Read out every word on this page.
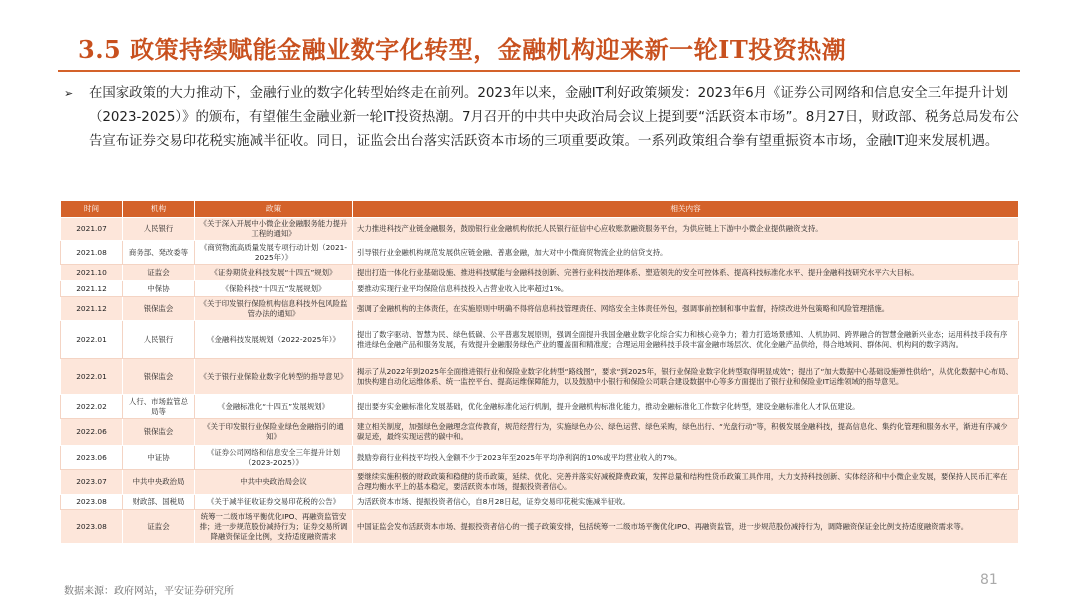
3.5 政策持续赋能金融业数字化转型，金融机构迎来新一轮IT投资热潮
➢ 在国家政策的大力推动下，金融行业的数字化转型始终走在前列。2023年以来，金融IT利好政策频发：2023年6月《证券公司网络和信息安全三年提升计划（2023-2025）》的颁布，有望催生金融业新一轮IT投资热潮。7月召开的中共中央政治局会议上提到要“活跃资本市场”。8月27日，财政部、税务总局发布公告宣布证券交易印花税实施减半征收。同日，证监会出台落实活跃资本市场的三项重要政策。一系列政策组合拳有望重振资本市场，金融IT迎来发展机遇。
时间	机构	政策	相关内容
2021.07	人民银行	《关于深入开展中小微企业金融服务能力提升工程的通知》	大力推进科技产业链金融服务，鼓励银行业金融机构依托人民银行征信中心应收账款融资服务平台，为供应链上下游中小微企业提供融资支持。
2021.08	商务部、発改委等	《商贸物流高质量发展专项行动计划（2021-2025年）》	引导银行业金融机构规范发展供应链金融、普惠金融，加大对中小微商贸物流企业的信贷支持。
2021.10	证监会	《证券期货业科技发展“十四五”规划》	提出打造一体化行业基础设施、推进科技赋能与金融科技创新、完善行业科技治理体系、塑造领先的安全可控体系、提高科技标准化水平、提升金融科技研究水平六大目标。
2021.12	中保协	《保险科技“十四五”发展规划》	要推动实现行业平均保险信息科技投入占营业收入比率超过1%。
2021.12	银保监会	《关于印发银行保险机构信息科技外包风险监管办法的通知》	强调了金融机构的主体责任，在实施原则中明确不得将信息科技管理责任、网络安全主体责任外包，强调事前控制和事中监督，持续改进外包策略和风险管理措施。
2022.01	人民银行	《金融科技发展规划（2022-2025年）》	提出了数字驱动、智慧为民、绿色低碳、公平普惠发展原则，强调全面提升我国金融业数字化综合实力和核心竞争力；着力打造场景感知、人机协同、跨界融合的智慧金融新兴业态；运用科技手段有序推进绿色金融产品和服务发展，有效提升金融服务绿色产业的覆盖面和精准度；合理运用金融科技手段丰富金融市场层次、优化金融产品供给，得合地域间、群体间、机构间的数字鸿沟。
2022.01	银保监会	《关于银行业保险业数字化转型的指导意见》	揭示了从2022年到2025年全面推进银行业和保险业数字化转型“路线图”，要求“到2025年，银行业保险业数字化转型取得明显成效”；提出了“加大数据中心基础设施弹性供给”，从优化数据中心布局、加快构建自动化运维体系、统一监控平台、提高运维保障能力，以及鼓励中小银行和保险公司联合建设数据中心等多方面提出了银行业和保险业IT运维领域的指导意见。
2022.02	人行、市场监管总局等	《金融标准化“十四五”发展规划》	提出要夯实金融标准化发展基础，优化金融标准化运行机制，提升金融机构标准化能力，推动金融标准化工作数字化转型，建设金融标准化人才队伍建设。
2022.06	银保监会	《关于印发银行业保险业绿色金融指引的通知》	建立相关制度，加强绿色金融理念宣传教育，规范经营行为，实施绿色办公、绿色运营、绿色采购，绿色出行、“光盘行动”等，积极发展金融科技，提高信息化、集约化管理和服务水平，渐进有序减少碳足迹，最终实现运营的碳中和。
2023.06	中证协	《证券公司网络和信息安全三年提升计划（2023-2025）》	鼓励券商行业科技平均投入金额不少于2023年至2025年平均净利润的10%或平均营业收入的7%。
2023.07	中共中央政治局	中共中央政治局会议	要继续实施积极的财政政策和稳健的货币政策，延续、优化、完善并落实好减税降费政策，发挥总量和结构性货币政策工具作用，大力支持科技创新、实体经济和中小微企业发展，要保持人民币汇率在合理均衡水平上的基本稳定，要活跃资本市场，提振投资者信心。
2023.08	财政部、国税局	《关于减半征收证券交易印花税的公告》	为活跃资本市场、提振投资者信心，自8月28日起，证券交易印花税实施减半征收。
2023.08	证监会	统筹一二级市场平衡优化IPO、再融资监管安排；进一步规范股份减持行为；证券交易所调降融资保证金比例，支持适度融资需求	中国证监会发布活跃资本市场、提振投资者信心的一揽子政策安排，包括统筹一二级市场平衡优化IPO、再融资监管，进一步规范股份减持行为，调降融资保证金比例支持适度融资需求等。
数据来源：政府网站，平安证券研究所
81
